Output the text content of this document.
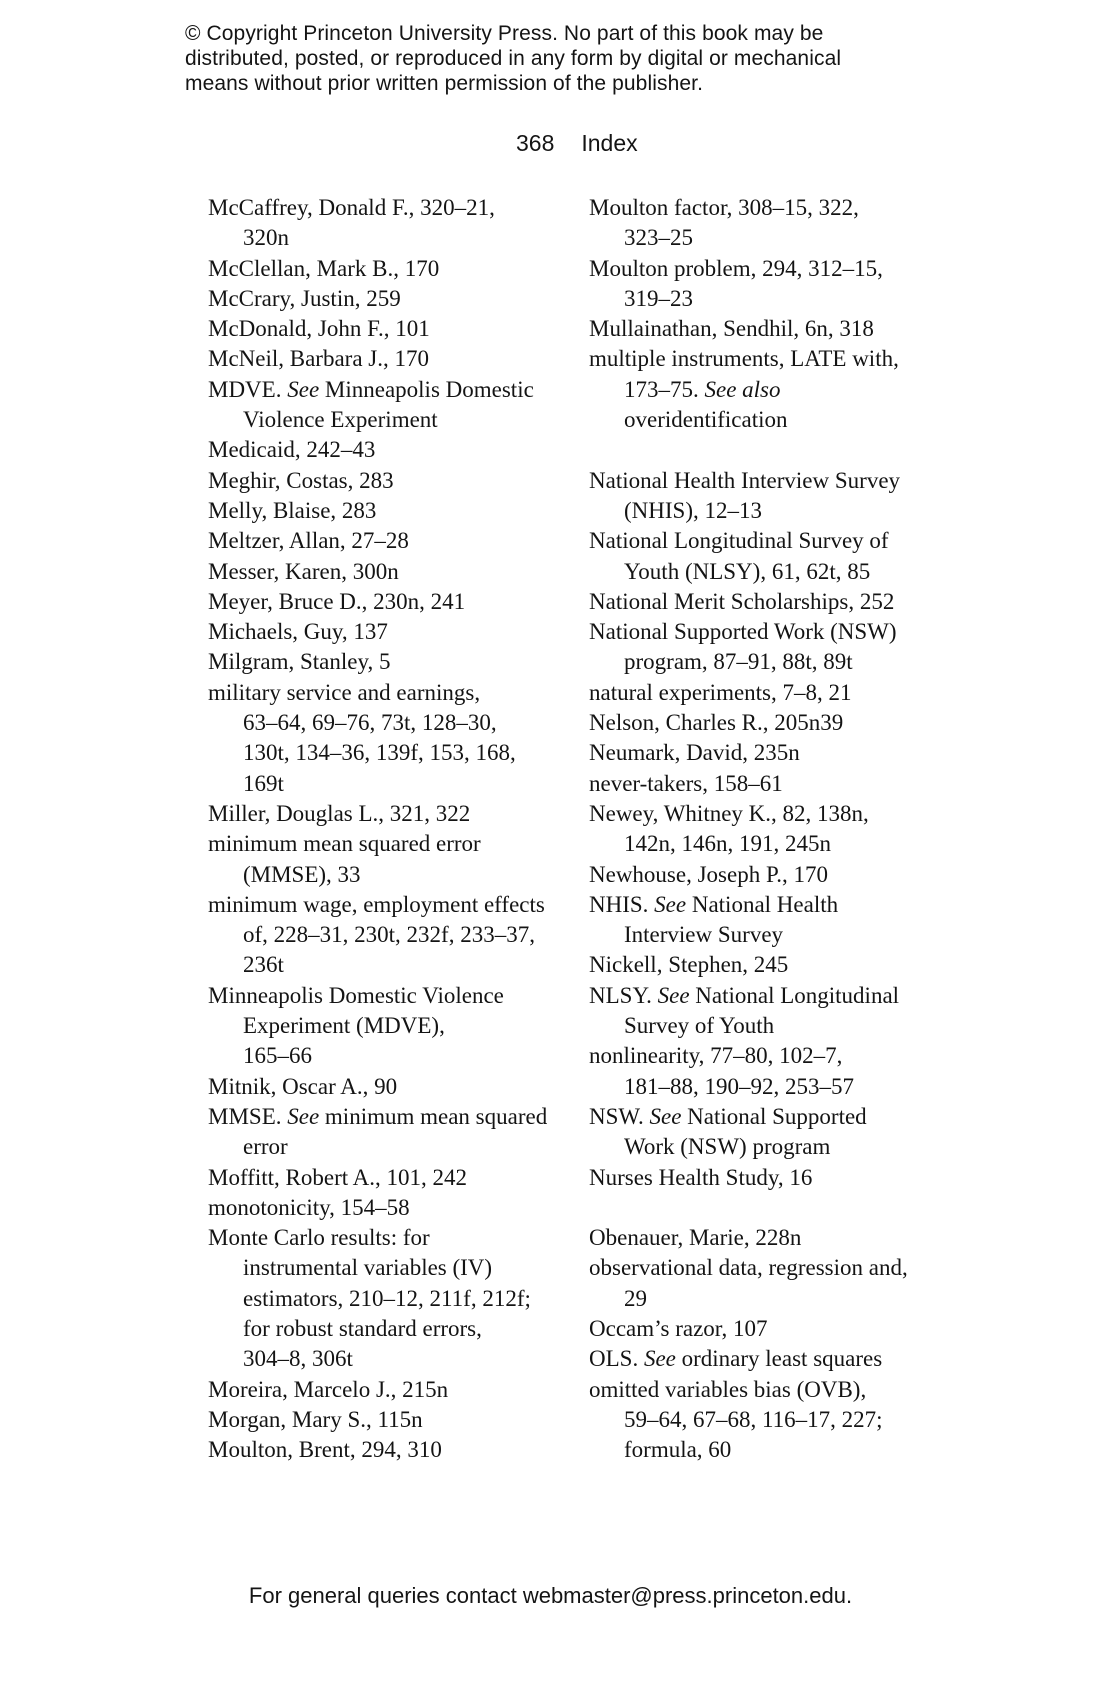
© Copyright Princeton University Press. No part of this book may be
distributed, posted, or reproduced in any form by digital or mechanical
means without prior written permission of the publisher.
368 Index
McCaffrey, Donald F., 320–21,
320n
McClellan, Mark B., 170
McCrary, Justin, 259
McDonald, John F., 101
McNeil, Barbara J., 170
MDVE. See Minneapolis Domestic
Violence Experiment
Medicaid, 242–43
Meghir, Costas, 283
Melly, Blaise, 283
Meltzer, Allan, 27–28
Messer, Karen, 300n
Meyer, Bruce D., 230n, 241
Michaels, Guy, 137
Milgram, Stanley, 5
military service and earnings,
63–64, 69–76, 73t, 128–30,
130t, 134–36, 139f, 153, 168,
169t
Miller, Douglas L., 321, 322
minimum mean squared error
(MMSE), 33
minimum wage, employment effects
of, 228–31, 230t, 232f, 233–37,
236t
Minneapolis Domestic Violence
Experiment (MDVE),
165–66
Mitnik, Oscar A., 90
MMSE. See minimum mean squared
error
Moffitt, Robert A., 101, 242
monotonicity, 154–58
Monte Carlo results: for
instrumental variables (IV)
estimators, 210–12, 211f, 212f;
for robust standard errors,
304–8, 306t
Moreira, Marcelo J., 215n
Morgan, Mary S., 115n
Moulton, Brent, 294, 310
Moulton factor, 308–15, 322,
323–25
Moulton problem, 294, 312–15,
319–23
Mullainathan, Sendhil, 6n, 318
multiple instruments, LATE with,
173–75. See also
overidentification

National Health Interview Survey
(NHIS), 12–13
National Longitudinal Survey of
Youth (NLSY), 61, 62t, 85
National Merit Scholarships, 252
National Supported Work (NSW)
program, 87–91, 88t, 89t
natural experiments, 7–8, 21
Nelson, Charles R., 205n39
Neumark, David, 235n
never-takers, 158–61
Newey, Whitney K., 82, 138n,
142n, 146n, 191, 245n
Newhouse, Joseph P., 170
NHIS. See National Health
Interview Survey
Nickell, Stephen, 245
NLSY. See National Longitudinal
Survey of Youth
nonlinearity, 77–80, 102–7,
181–88, 190–92, 253–57
NSW. See National Supported
Work (NSW) program
Nurses Health Study, 16

Obenauer, Marie, 228n
observational data, regression and,
29
Occam’s razor, 107
OLS. See ordinary least squares
omitted variables bias (OVB),
59–64, 67–68, 116–17, 227;
formula, 60
For general queries contact webmaster@press.princeton.edu.
